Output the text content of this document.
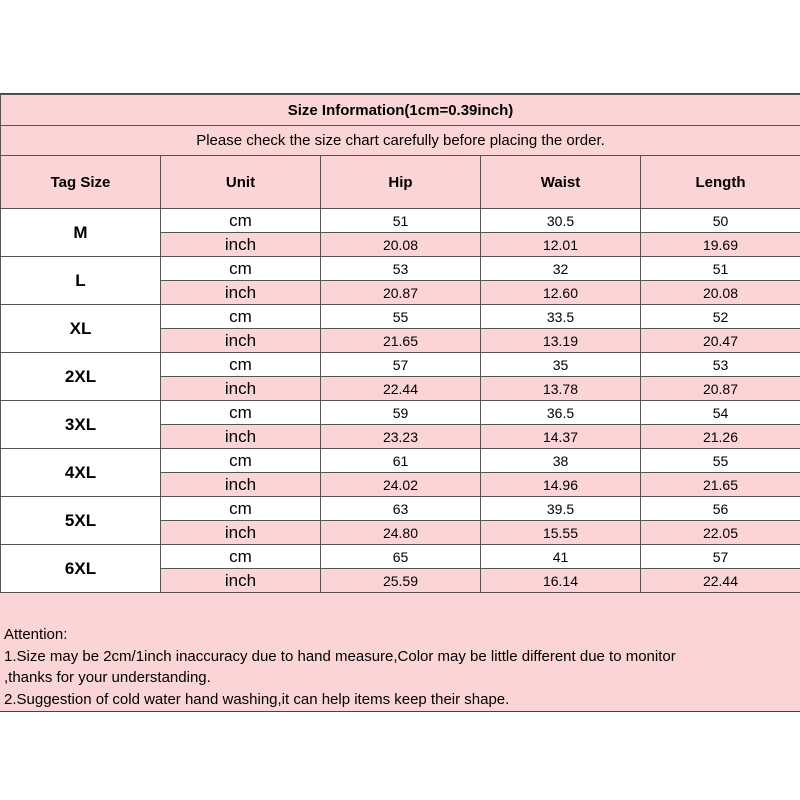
Size Information(1cm=0.39inch)				
Please check the size chart carefully before placing the order.				
Tag Size	Unit	Hip	Waist	Length
M	cm	51	30.5	50
	inch	20.08	12.01	19.69
L	cm	53	32	51
	inch	20.87	12.60	20.08
XL	cm	55	33.5	52
	inch	21.65	13.19	20.47
2XL	cm	57	35	53
	inch	22.44	13.78	20.87
3XL	cm	59	36.5	54
	inch	23.23	14.37	21.26
4XL	cm	61	38	55
	inch	24.02	14.96	21.65
5XL	cm	63	39.5	56
	inch	24.80	15.55	22.05
6XL	cm	65	41	57
	inch	25.59	16.14	22.44
Attention:
1.Size may be 2cm/1inch inaccuracy due to hand measure,Color may be little different due to monitor
,thanks for your understanding.
2.Suggestion of cold water hand washing,it can help items keep their shape.
